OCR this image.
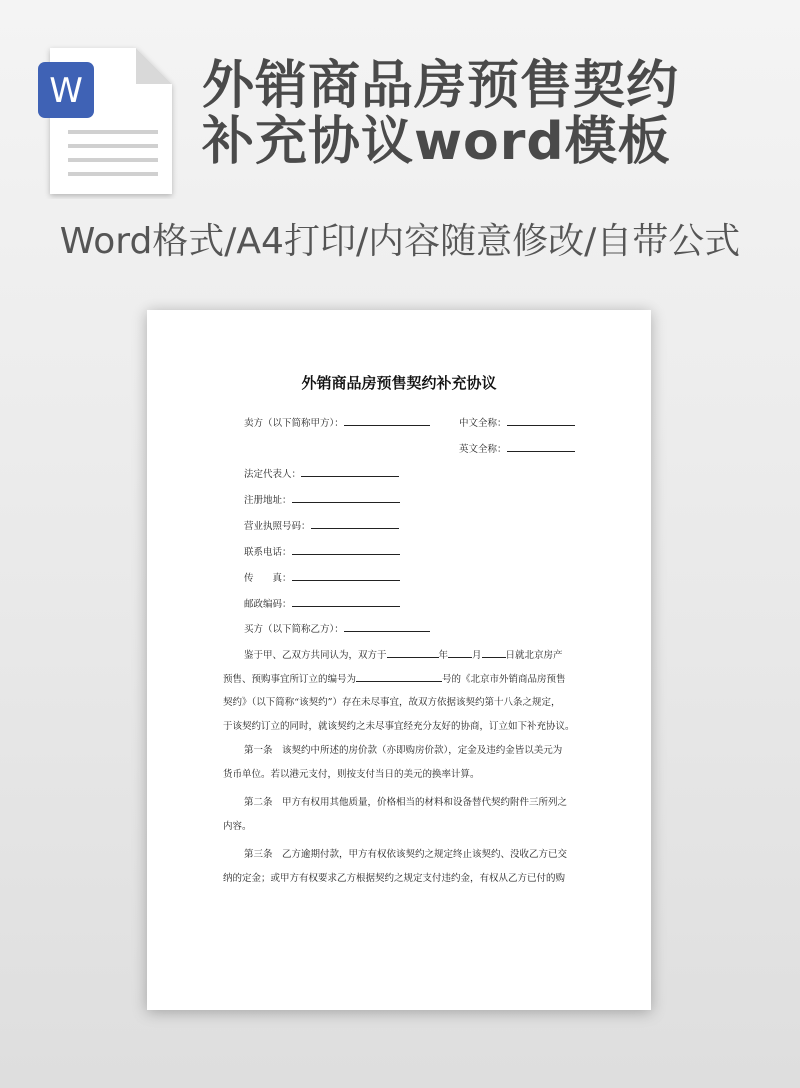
W 外销商品房预售契约
补充协议word模板
Word格式/A4打印/内容随意修改/自带公式
外销商品房预售契约补充协议
卖方（以下简称甲方）：	中文全称：
英文全称：
法定代表人：
注册地址：
营业执照号码：
联系电话：
传　　真：
邮政编码：
买方（以下简称乙方）：
鉴于甲、乙双方共同认为，双方于	年	月	日就北京房产
预售、预购事宜所订立的编号为	号的《北京市外销商品房预售
契约》（以下简称“该契约”）存在未尽事宜，故双方依据该契约第十八条之规定，
于该契约订立的同时，就该契约之未尽事宜经充分友好的协商，订立如下补充协议。
第一条　该契约中所述的房价款（亦即购房价款），定金及违约金皆以美元为
货币单位。若以港元支付，则按支付当日的美元的换率计算。
第二条　甲方有权用其他质量，价格相当的材料和设备替代契约附件三所列之
内容。
第三条　乙方逾期付款，甲方有权依该契约之规定终止该契约、没收乙方已交
纳的定金；或甲方有权要求乙方根据契约之规定支付违约金，有权从乙方已付的购
